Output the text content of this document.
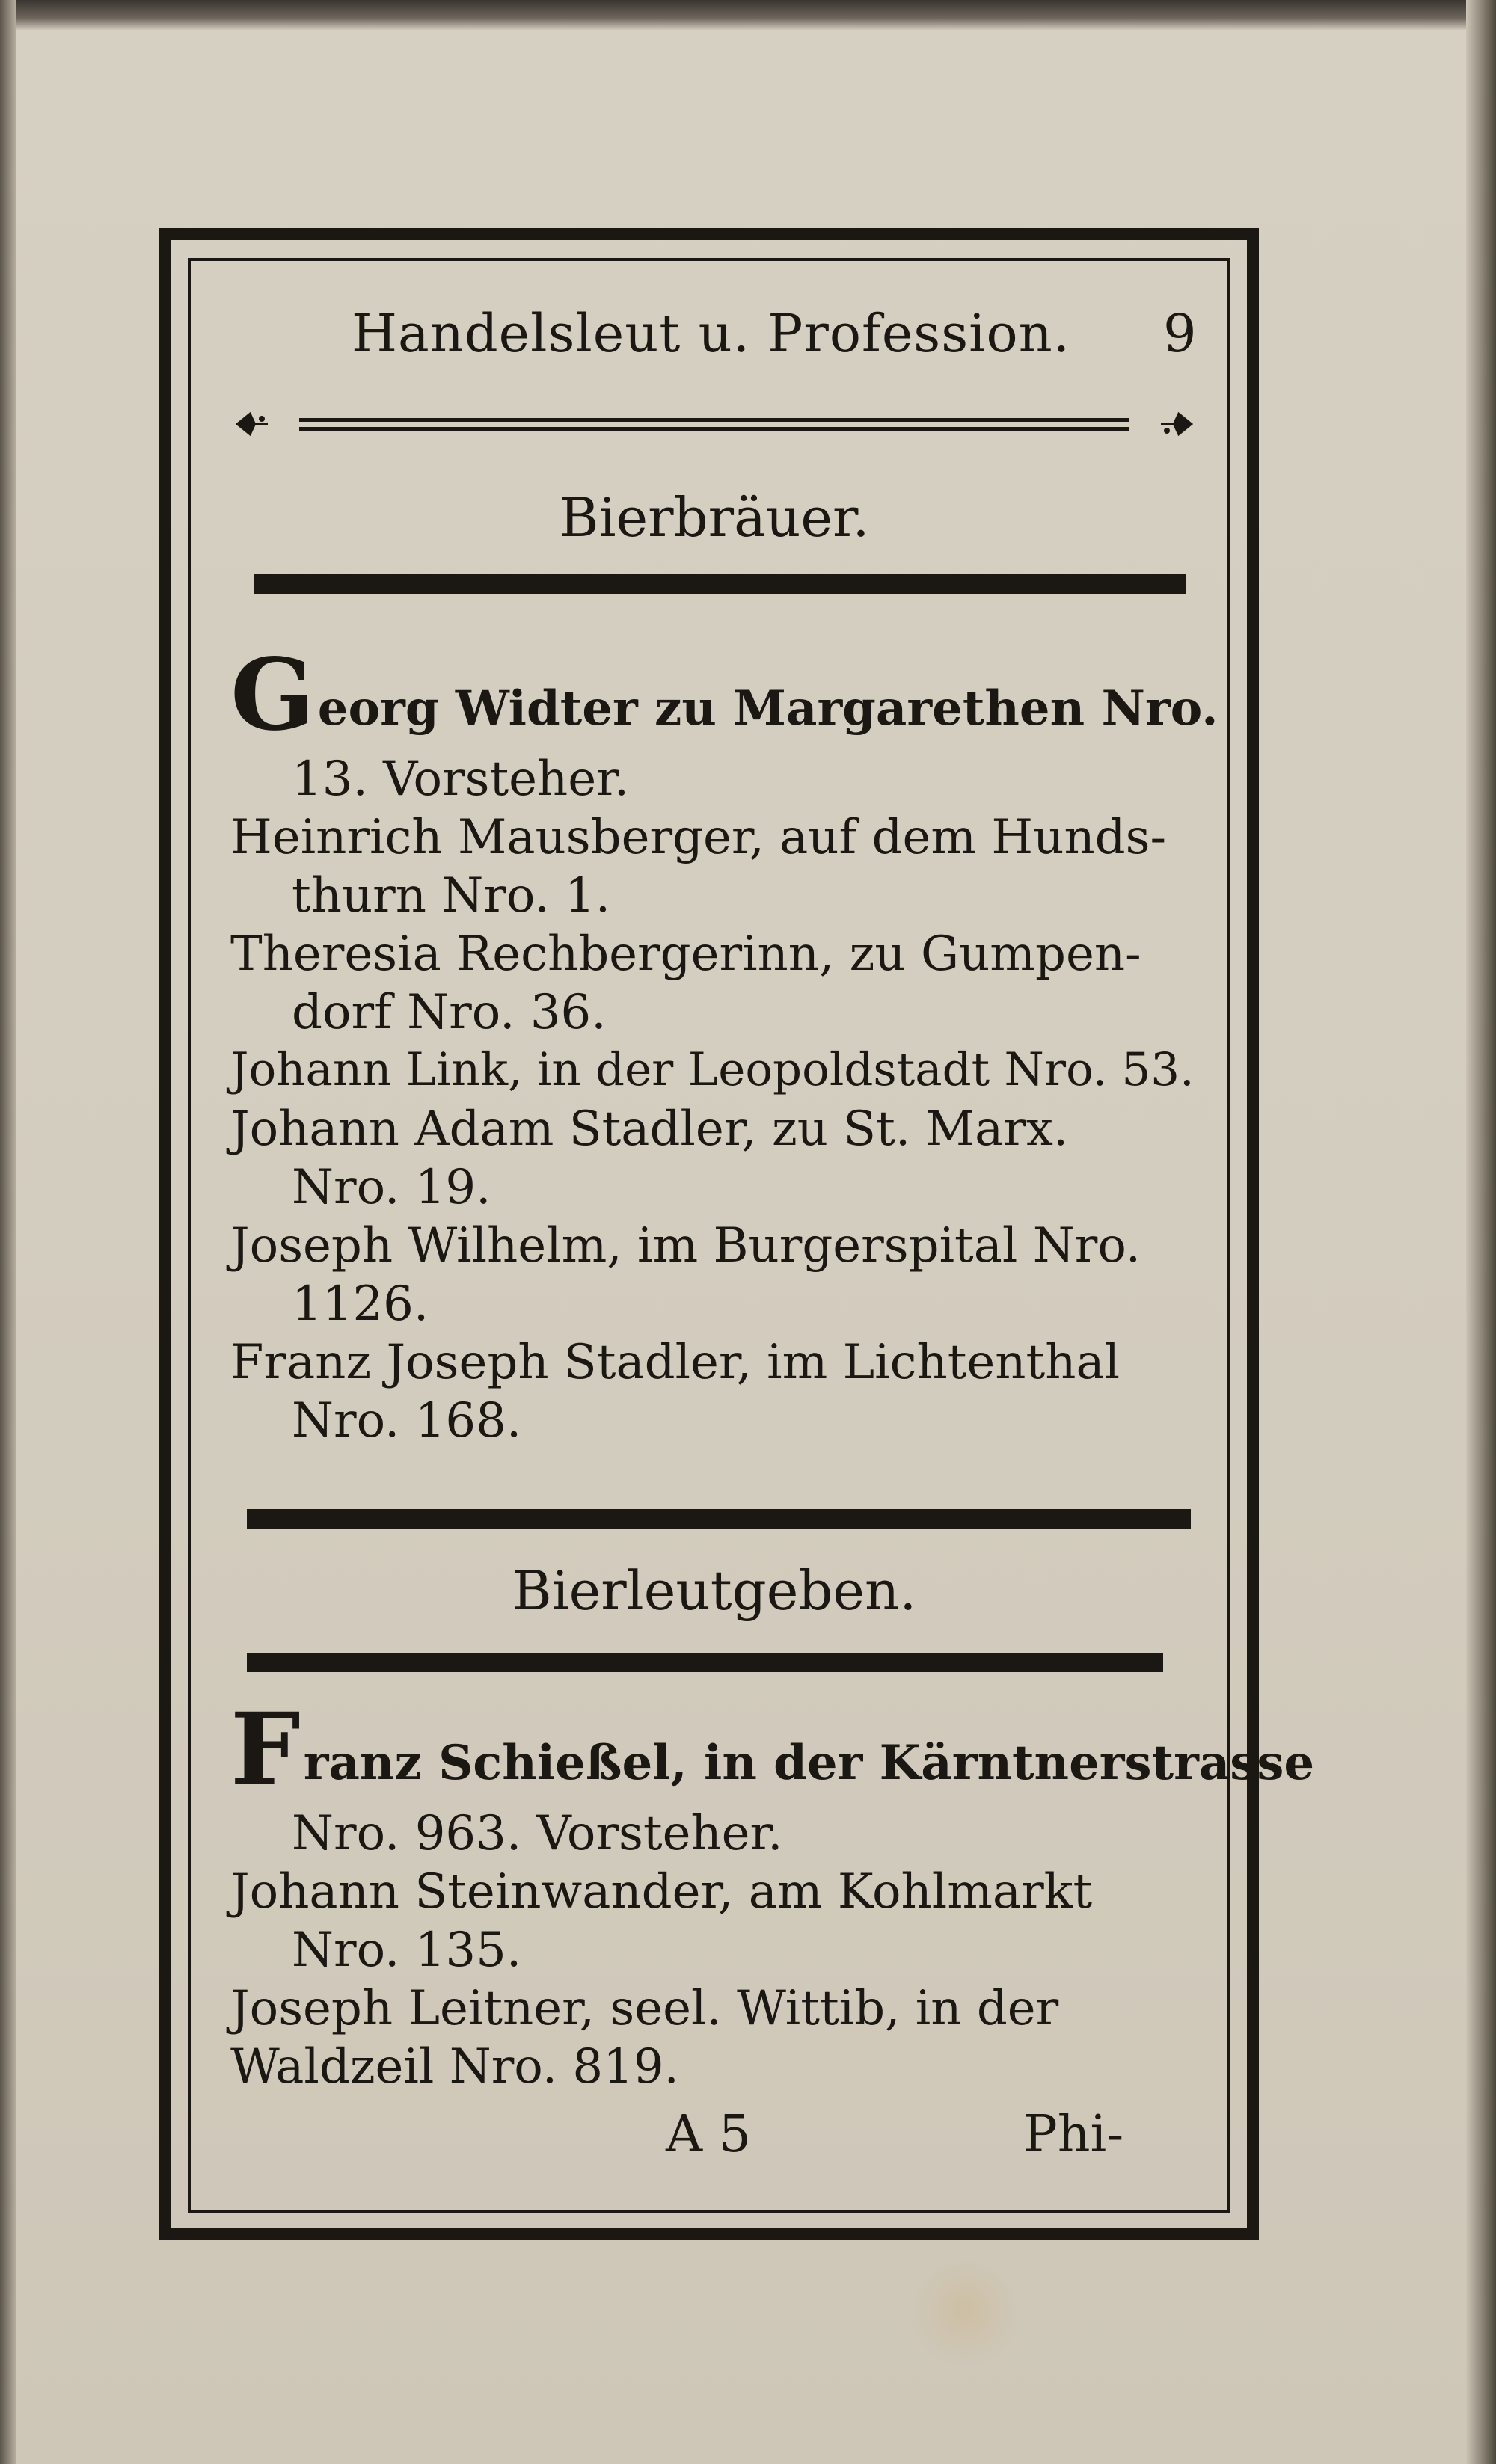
Handelsleut u. Profession. 9
Bierbräuer.
Georg Widter zu Margarethen Nro.
13. Vorsteher.
Heinrich Mausberger, auf dem Hunds-
thurn Nro. 1.
Theresia Rechbergerinn, zu Gumpen-
dorf Nro. 36.
Johann Link, in der Leopoldstadt Nro. 53.
Johann Adam Stadler, zu St. Marx.
Nro. 19.
Joseph Wilhelm, im Burgerspital Nro.
1126.
Franz Joseph Stadler, im Lichtenthal
Nro. 168.
Bierleutgeben.
Franz Schießel, in der Kärntnerstrasse
Nro. 963. Vorsteher.
Johann Steinwander, am Kohlmarkt
Nro. 135.
Joseph Leitner, seel. Wittib, in der
Waldzeil Nro. 819.
A 5	Phi-
